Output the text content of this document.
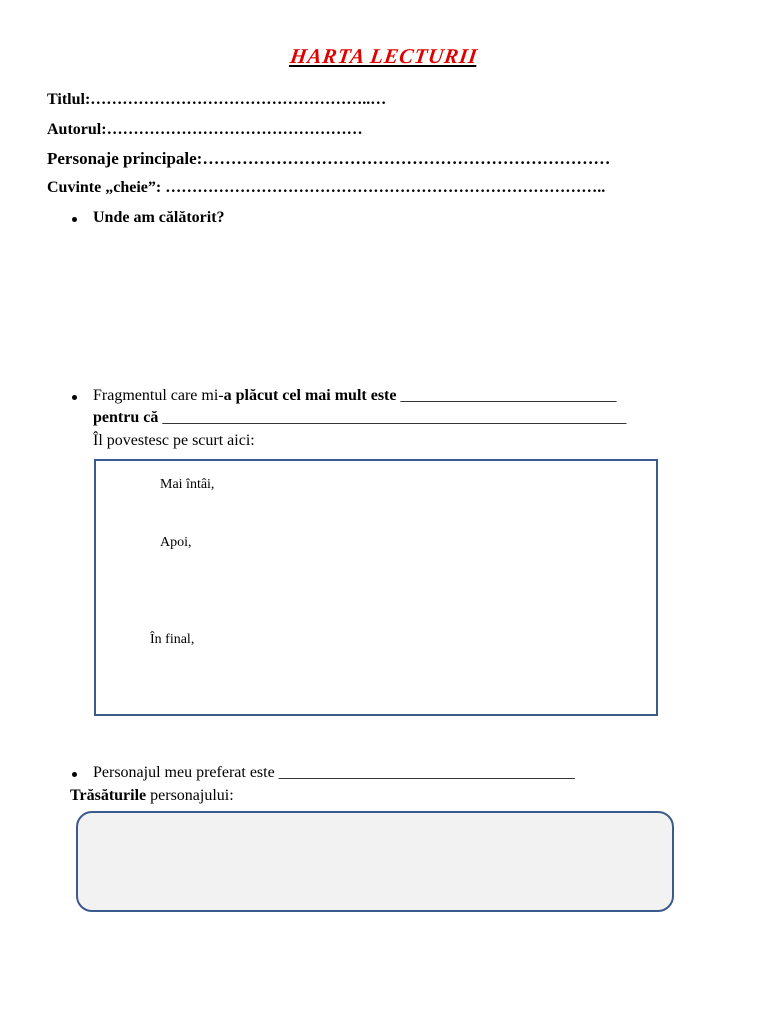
HARTA LECTURII
Titlul:……………………………………………..…
Autorul:…………………………………………
Personaje principale:………………………………………………………………
Cuvinte „cheie”: ………………………………………………………………………..
Unde am călătorit?
Fragmentul care mi-a plăcut cel mai mult este ___________________________
pentru că __________________________________________________________
Îl povestesc pe scurt aici:
Mai întâi,
Apoi,
În final,
Personajul meu preferat este _____________________________________
Trăsăturile personajului:
